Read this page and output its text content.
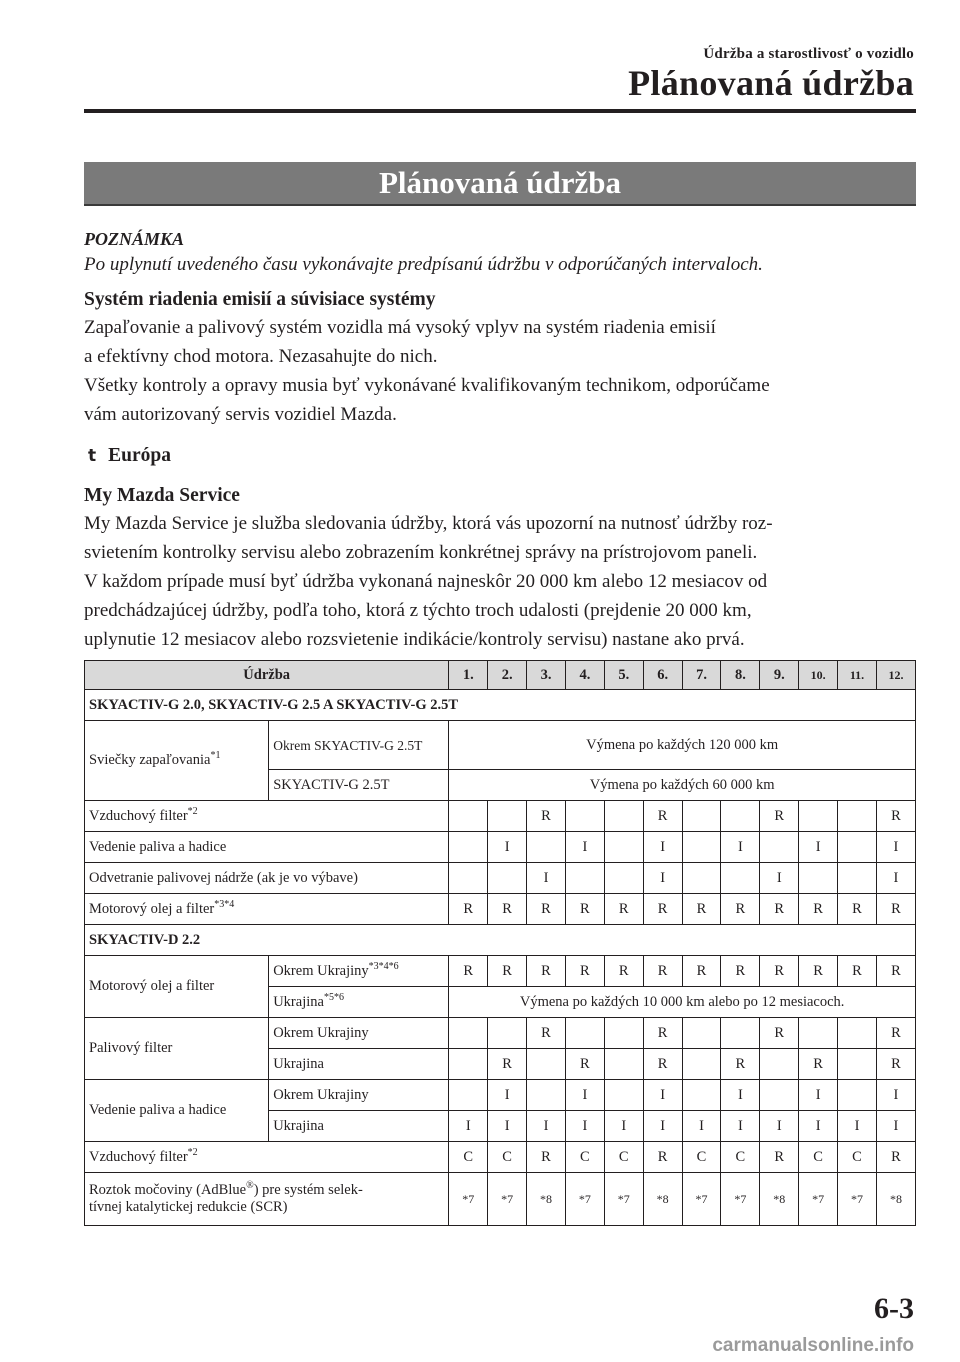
Údržba a starostlivosť o vozidlo
Plánovaná údržba
Plánovaná údržba
POZNÁMKA
Po uplynutí uvedeného času vykonávajte predpísanú údržbu v odporúčaných intervaloch.
Systém riadenia emisií a súvisiace systémy
Zapaľovanie a palivový systém vozidla má vysoký vplyv na systém riadenia emisií
a efektívny chod motora. Nezasahujte do nich.
Všetky kontroly a opravy musia byť vykonávané kvalifikovaným technikom, odporúčame
vám autorizovaný servis vozidiel Mazda.
t Európa
My Mazda Service
My Mazda Service je služba sledovania údržby, ktorá vás upozorní na nutnosť údržby roz-
svietením kontrolky servisu alebo zobrazením konkrétnej správy na prístrojovom paneli.
V každom prípade musí byť údržba vykonaná najneskôr 20 000 km alebo 12 mesiacov od
predchádzajúcej údržby, podľa toho, ktorá z týchto troch udalosti (prejdenie 20 000 km,
uplynutie 12 mesiacov alebo rozsvietenie indikácie/kontroly servisu) nastane ako prvá.
Údržba		1.	2.	3.	4.	5.	6.	7.	8.	9.	10.	11.	12.
SKYACTIV-G 2.0, SKYACTIV-G 2.5 A SKYACTIV-G 2.5T													
Sviečky zapaľovania$^{*1}$	Okrem SKYACTIV-G 2.5T	Výmena po každých 120 000 km											
	SKYACTIV-G 2.5T	Výmena po každých 60 000 km											
Vzduchový filter$^{*2}$				R			R			R			R
Vedenie paliva a hadice			I		I		I		I		I		I
Odvetranie palivovej nádrže (ak je vo výbave)				I			I			I			I
Motorový olej a filter$^{*3*4}$		R	R	R	R	R	R	R	R	R	R	R	R
SKYACTIV-D 2.2													
Motorový olej a filter	Okrem Ukrajiny$^{*3*4*6}$	R	R	R	R	R	R	R	R	R	R	R	R
	Ukrajina$^{*5*6}$	Výmena po každých 10 000 km alebo po 12 mesiacoch.											
Palivový filter	Okrem Ukrajiny			R			R			R			R
	Ukrajina		R		R		R		R		R		R
Vedenie paliva a hadice	Okrem Ukrajiny		I		I		I		I		I		I
	Ukrajina	I	I	I	I	I	I	I	I	I	I	I	I
Vzduchový filter$^{*2}$		C	C	R	C	C	R	C	C	R	C	C	R
Roztok močoviny (AdBlue®) pre systém selek-
tívnej katalytickej redukcie (SCR)		*7	*7	*8	*7	*7	*8	*7	*7	*8	*7	*7	*8
6-3
carmanualsonline.info
